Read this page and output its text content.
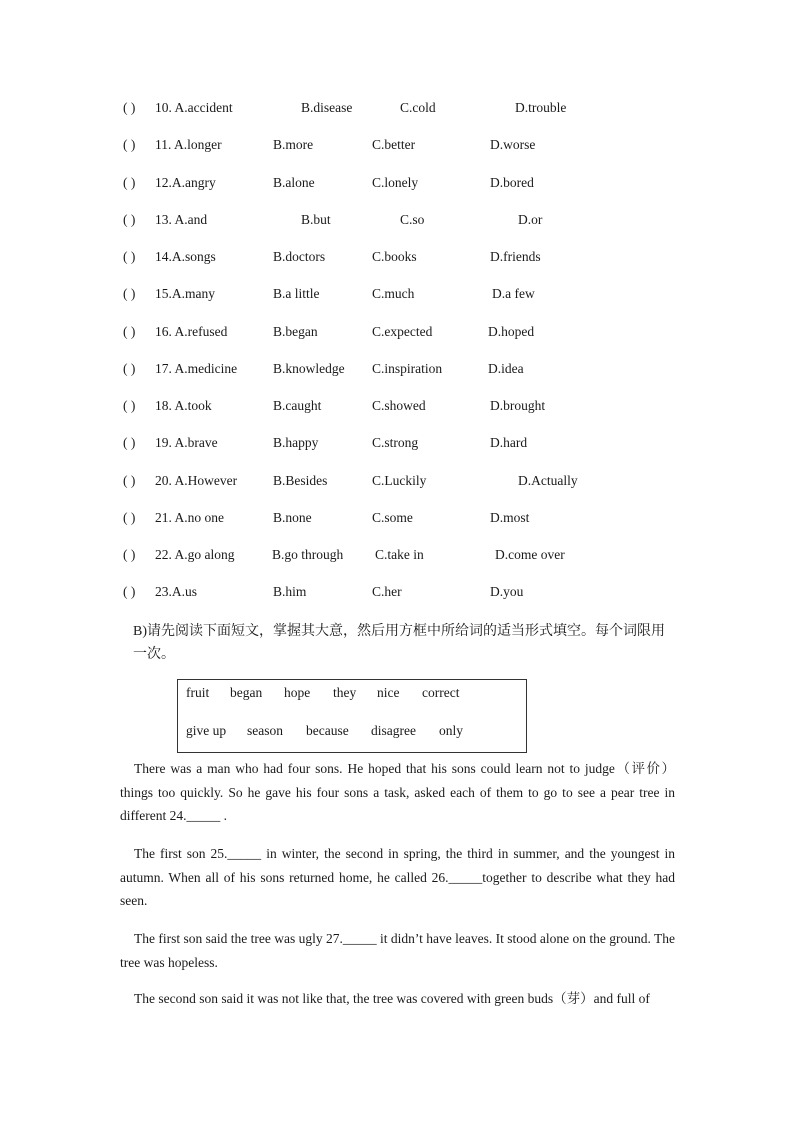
( ) 10. A.accident	B.disease	C.cold	D.trouble
( ) 11. A.longer	B.more	C.better	D.worse
( ) 12.A.angry	B.alone	C.lonely	D.bored
( ) 13. A.and	B.but	C.so	D.or
( ) 14.A.songs	B.doctors	C.books	D.friends
( ) 15.A.many	B.a little	C.much	D.a few
( ) 16. A.refused	B.began	C.expected	D.hoped
( ) 17. A.medicine	B.knowledge C.inspiration	D.idea
( ) 18. A.took	B.caught	C.showed	D.brought
( ) 19. A.brave	B.happy	C.strong	D.hard
( ) 20. A.However	B.Besides	C.Luckily	D.Actually
( ) 21. A.no one	B.none	C.some	D.most
( ) 22. A.go along	B.go through C.take in	D.come over
( ) 23.A.us	B.him	C.her	D.you
B)请先阅读下面短文，掌握其大意，然后用方框中所给词的适当形式填空。每个词限用一次。
fruit began hope they nice correct
give up season because disagree only

There was a man who had four sons. He hoped that his sons could learn not to judge（评价）things too quickly. So he gave his four sons a task, asked each of them to go to see a pear tree in different 24._____ .

The first son 25._____ in winter, the second in spring, the third in summer, and the youngest in autumn. When all of his sons returned home, he called 26._____together to describe what they had seen.

The first son said the tree was ugly 27._____ it didn’t have leaves. It stood alone on the ground. The tree was hopeless.

The second son said it was not like that, the tree was covered with green buds（芽）and full of
